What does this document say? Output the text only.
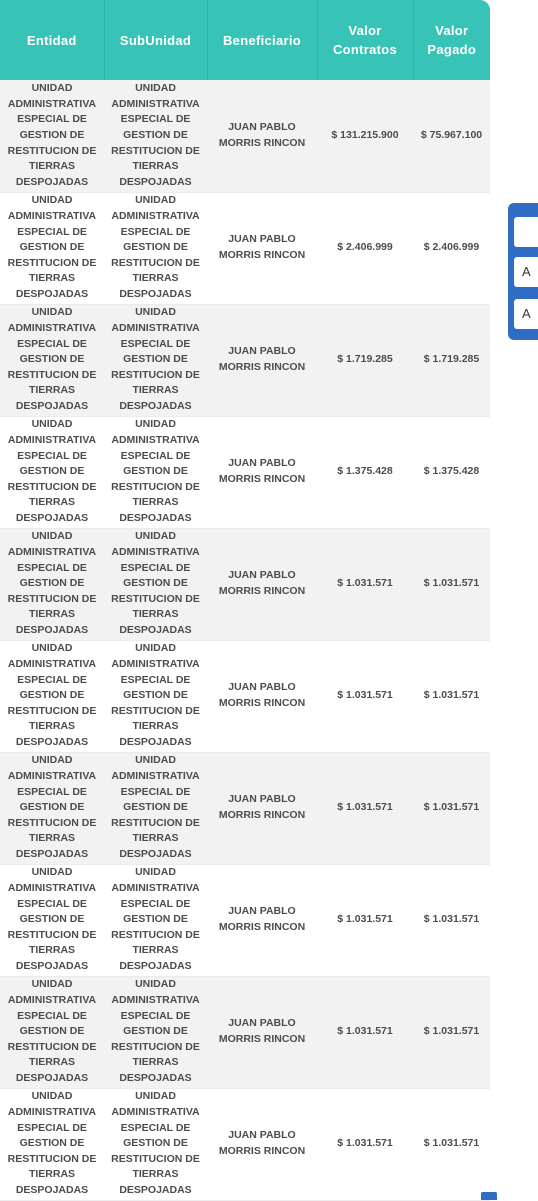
Entidad	SubUnidad	Beneficiario	Valor Contratos	Valor Pagado
UNIDAD ADMINISTRATIVA ESPECIAL DE GESTION DE RESTITUCION DE TIERRAS DESPOJADAS	UNIDAD ADMINISTRATIVA ESPECIAL DE GESTION DE RESTITUCION DE TIERRAS DESPOJADAS	JUAN PABLO MORRIS RINCON	$ 131.215.900	$ 75.967.100
UNIDAD ADMINISTRATIVA ESPECIAL DE GESTION DE RESTITUCION DE TIERRAS DESPOJADAS	UNIDAD ADMINISTRATIVA ESPECIAL DE GESTION DE RESTITUCION DE TIERRAS DESPOJADAS	JUAN PABLO MORRIS RINCON	$ 2.406.999	$ 2.406.999
UNIDAD ADMINISTRATIVA ESPECIAL DE GESTION DE RESTITUCION DE TIERRAS DESPOJADAS	UNIDAD ADMINISTRATIVA ESPECIAL DE GESTION DE RESTITUCION DE TIERRAS DESPOJADAS	JUAN PABLO MORRIS RINCON	$ 1.719.285	$ 1.719.285
UNIDAD ADMINISTRATIVA ESPECIAL DE GESTION DE RESTITUCION DE TIERRAS DESPOJADAS	UNIDAD ADMINISTRATIVA ESPECIAL DE GESTION DE RESTITUCION DE TIERRAS DESPOJADAS	JUAN PABLO MORRIS RINCON	$ 1.375.428	$ 1.375.428
UNIDAD ADMINISTRATIVA ESPECIAL DE GESTION DE RESTITUCION DE TIERRAS DESPOJADAS	UNIDAD ADMINISTRATIVA ESPECIAL DE GESTION DE RESTITUCION DE TIERRAS DESPOJADAS	JUAN PABLO MORRIS RINCON	$ 1.031.571	$ 1.031.571
UNIDAD ADMINISTRATIVA ESPECIAL DE GESTION DE RESTITUCION DE TIERRAS DESPOJADAS	UNIDAD ADMINISTRATIVA ESPECIAL DE GESTION DE RESTITUCION DE TIERRAS DESPOJADAS	JUAN PABLO MORRIS RINCON	$ 1.031.571	$ 1.031.571
UNIDAD ADMINISTRATIVA ESPECIAL DE GESTION DE RESTITUCION DE TIERRAS DESPOJADAS	UNIDAD ADMINISTRATIVA ESPECIAL DE GESTION DE RESTITUCION DE TIERRAS DESPOJADAS	JUAN PABLO MORRIS RINCON	$ 1.031.571	$ 1.031.571
UNIDAD ADMINISTRATIVA ESPECIAL DE GESTION DE RESTITUCION DE TIERRAS DESPOJADAS	UNIDAD ADMINISTRATIVA ESPECIAL DE GESTION DE RESTITUCION DE TIERRAS DESPOJADAS	JUAN PABLO MORRIS RINCON	$ 1.031.571	$ 1.031.571
UNIDAD ADMINISTRATIVA ESPECIAL DE GESTION DE RESTITUCION DE TIERRAS DESPOJADAS	UNIDAD ADMINISTRATIVA ESPECIAL DE GESTION DE RESTITUCION DE TIERRAS DESPOJADAS	JUAN PABLO MORRIS RINCON	$ 1.031.571	$ 1.031.571
UNIDAD ADMINISTRATIVA ESPECIAL DE GESTION DE RESTITUCION DE TIERRAS DESPOJADAS	UNIDAD ADMINISTRATIVA ESPECIAL DE GESTION DE RESTITUCION DE TIERRAS DESPOJADAS	JUAN PABLO MORRIS RINCON	$ 1.031.571	$ 1.031.571
A
A
